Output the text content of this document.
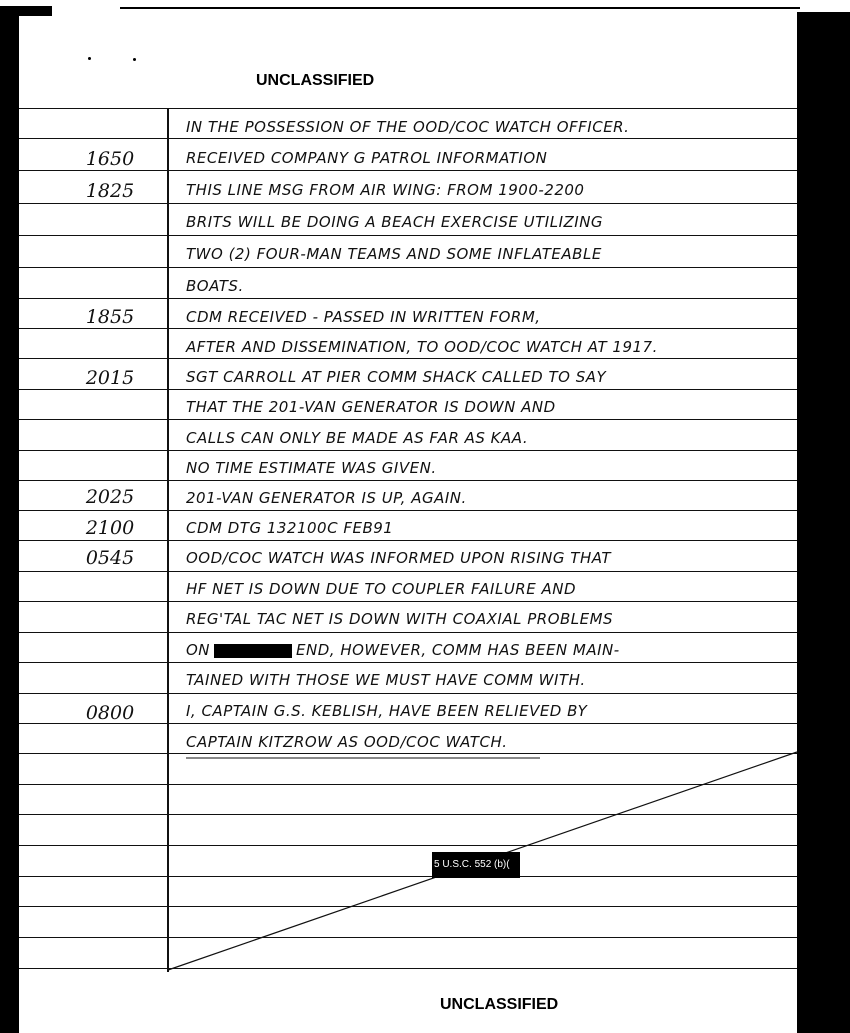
UNCLASSIFIED
1650
1825
1855
2015
2025
2100
0545
0800
IN THE POSSESSION OF THE OOD/COC WATCH OFFICER.
RECEIVED COMPANY G PATROL INFORMATION
THIS LINE MSG FROM AIR WING: FROM 1900-2200
BRITS WILL BE DOING A BEACH EXERCISE UTILIZING
TWO (2) FOUR-MAN TEAMS AND SOME INFLATEABLE
BOATS.
CDM RECEIVED - PASSED IN WRITTEN FORM,
AFTER AND DISSEMINATION, TO OOD/COC WATCH AT 1917.
SGT CARROLL AT PIER COMM SHACK CALLED TO SAY
THAT THE 201-VAN GENERATOR IS DOWN AND
CALLS CAN ONLY BE MADE AS FAR AS KAA.
NO TIME ESTIMATE WAS GIVEN.
201-VAN GENERATOR IS UP, AGAIN.
CDM DTG 132100C FEB91
OOD/COC WATCH WAS INFORMED UPON RISING THAT
HF NET IS DOWN DUE TO COUPLER FAILURE AND
REG'TAL TAC NET IS DOWN WITH COAXIAL PROBLEMS
ON	END, HOWEVER, COMM HAS BEEN MAIN-
TAINED WITH THOSE WE MUST HAVE COMM WITH.
I, CAPTAIN G.S. KEBLISH, HAVE BEEN RELIEVED BY
CAPTAIN KITZROW AS OOD/COC WATCH.
5 U.S.C. 552 (b)(
UNCLASSIFIED
